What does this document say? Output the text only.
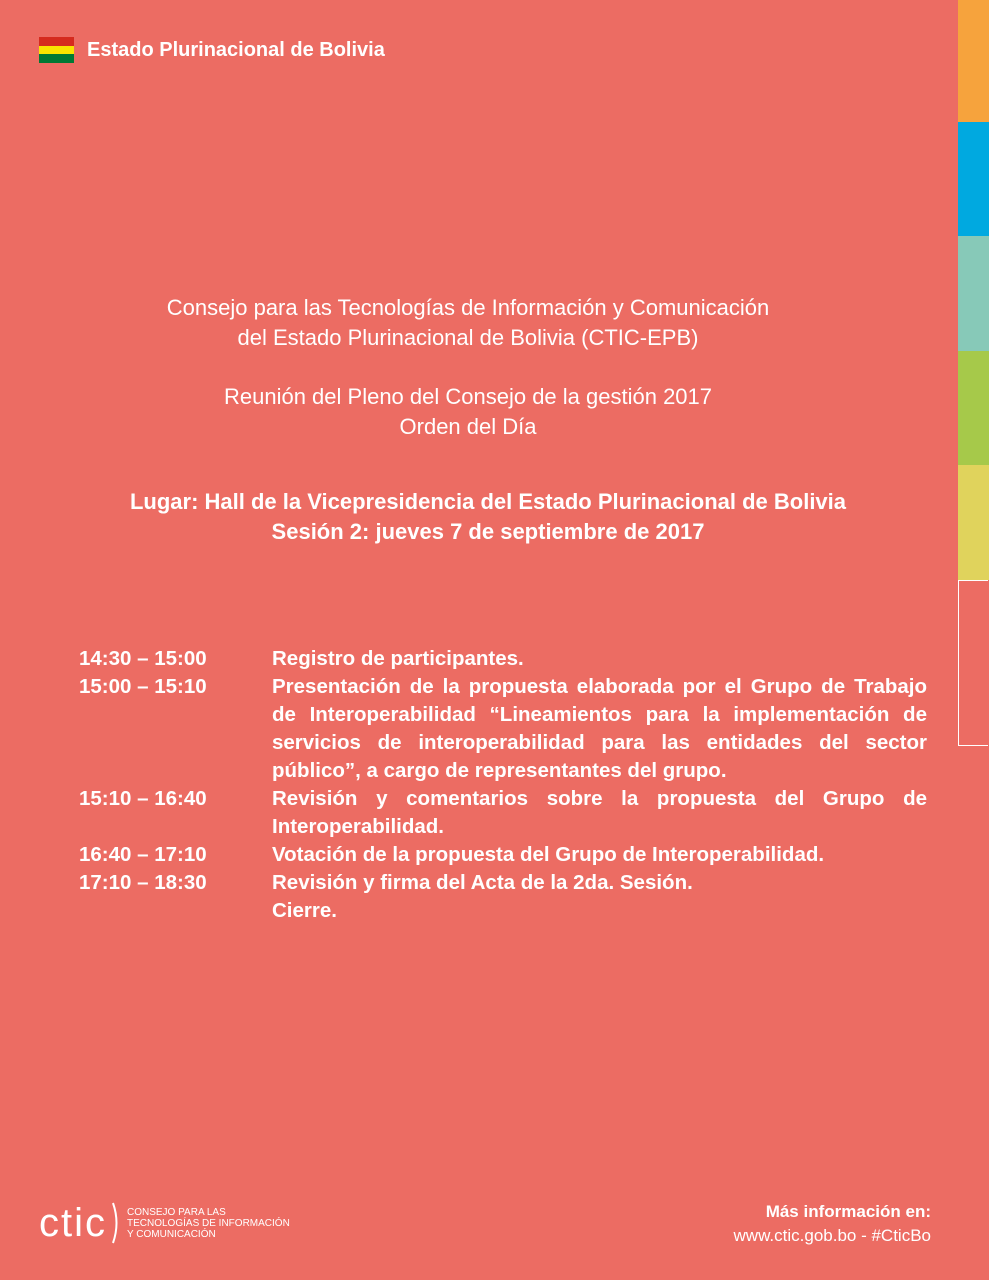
Estado Plurinacional de Bolivia
Consejo para las Tecnologías de Información y Comunicación
del Estado Plurinacional de Bolivia (CTIC-EPB)
Reunión del Pleno del Consejo de la gestión 2017
Orden del Día
Lugar: Hall de la Vicepresidencia del Estado Plurinacional de Bolivia
Sesión 2: jueves 7 de septiembre de 2017
14:30 – 15:00	Registro de participantes.
15:00 – 15:10	Presentación de la propuesta elaborada por el Grupo de Trabajo de Interoperabilidad “Lineamientos para la implementación de servicios de interoperabilidad para las entidades del sector público”, a cargo de representantes del grupo.
15:10 – 16:40	Revisión y comentarios sobre la propuesta del Grupo de Interoperabilidad.
16:40 – 17:10	Votación de la propuesta del Grupo de Interoperabilidad.
17:10 – 18:30	Revisión y firma del Acta de la 2da. Sesión.
Cierre.
ctic CONSEJO PARA LAS
TECNOLOGÍAS DE INFORMACIÓN
Y COMUNICACIÓN
Más información en:
www.ctic.gob.bo - #CticBo
